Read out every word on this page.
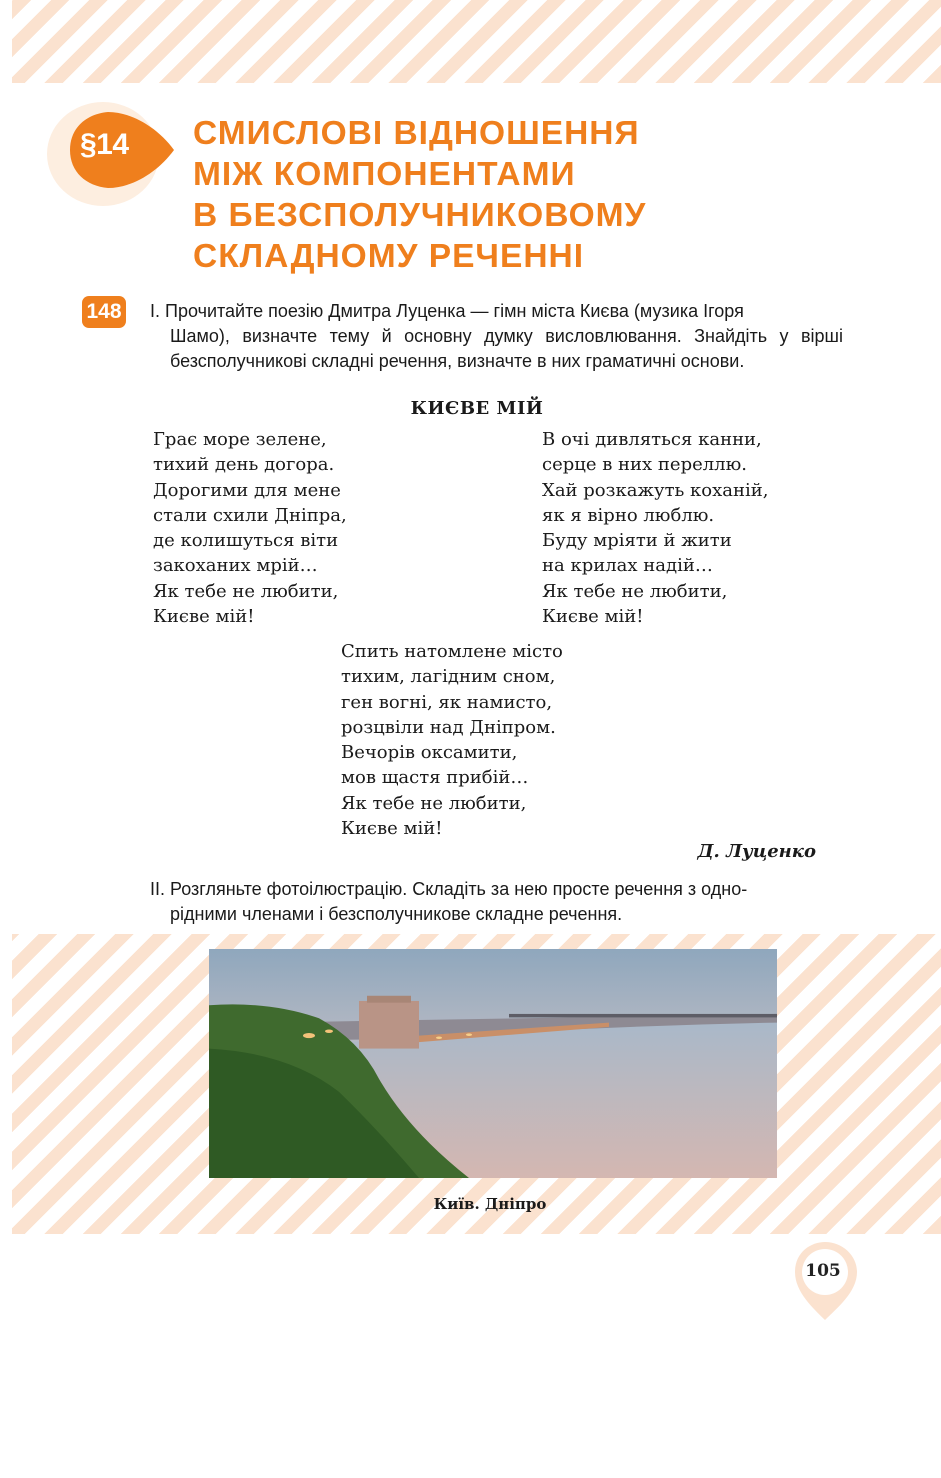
§14 СМИСЛОВІ ВІДНОШЕННЯ
МІЖ КОМПОНЕНТАМИ
В БЕЗСПОЛУЧНИКОВОМУ
СКЛАДНОМУ РЕЧЕННІ
148 І. Прочитайте поезію Дмитра Луценка — гімн міста Києва (музика Ігоря
Шамо), визначте тему й основну думку висловлювання. Знайдіть у вірші безсполучникові складні речення, визначте в них граматичні основи.

КИЄВЕ МІЙ
Грає море зелене,
тихий день догора.
Дорогими для мене
стали схили Дніпра,
де колишуться віти
закоханих мрій…
Як тебе не любити,
Києве мій!
В очі дивляться канни,
серце в них переллю.
Хай розкажуть коханій,
як я вірно люблю.
Буду мріяти й жити
на крилах надій…
Як тебе не любити,
Києве мій!
Спить натомлене місто
тихим, лагідним сном,
ген вогні, як намисто,
розцвіли над Дніпром.
Вечорів оксамити,
мов щастя прибій…
Як тебе не любити,
Києве мій!

Д. Луценко

ІІ. Розгляньте фотоілюстрацію. Складіть за нею просте речення з одно-
рідними членами і безсполучникове складне речення.

Київ. Дніпро

105
